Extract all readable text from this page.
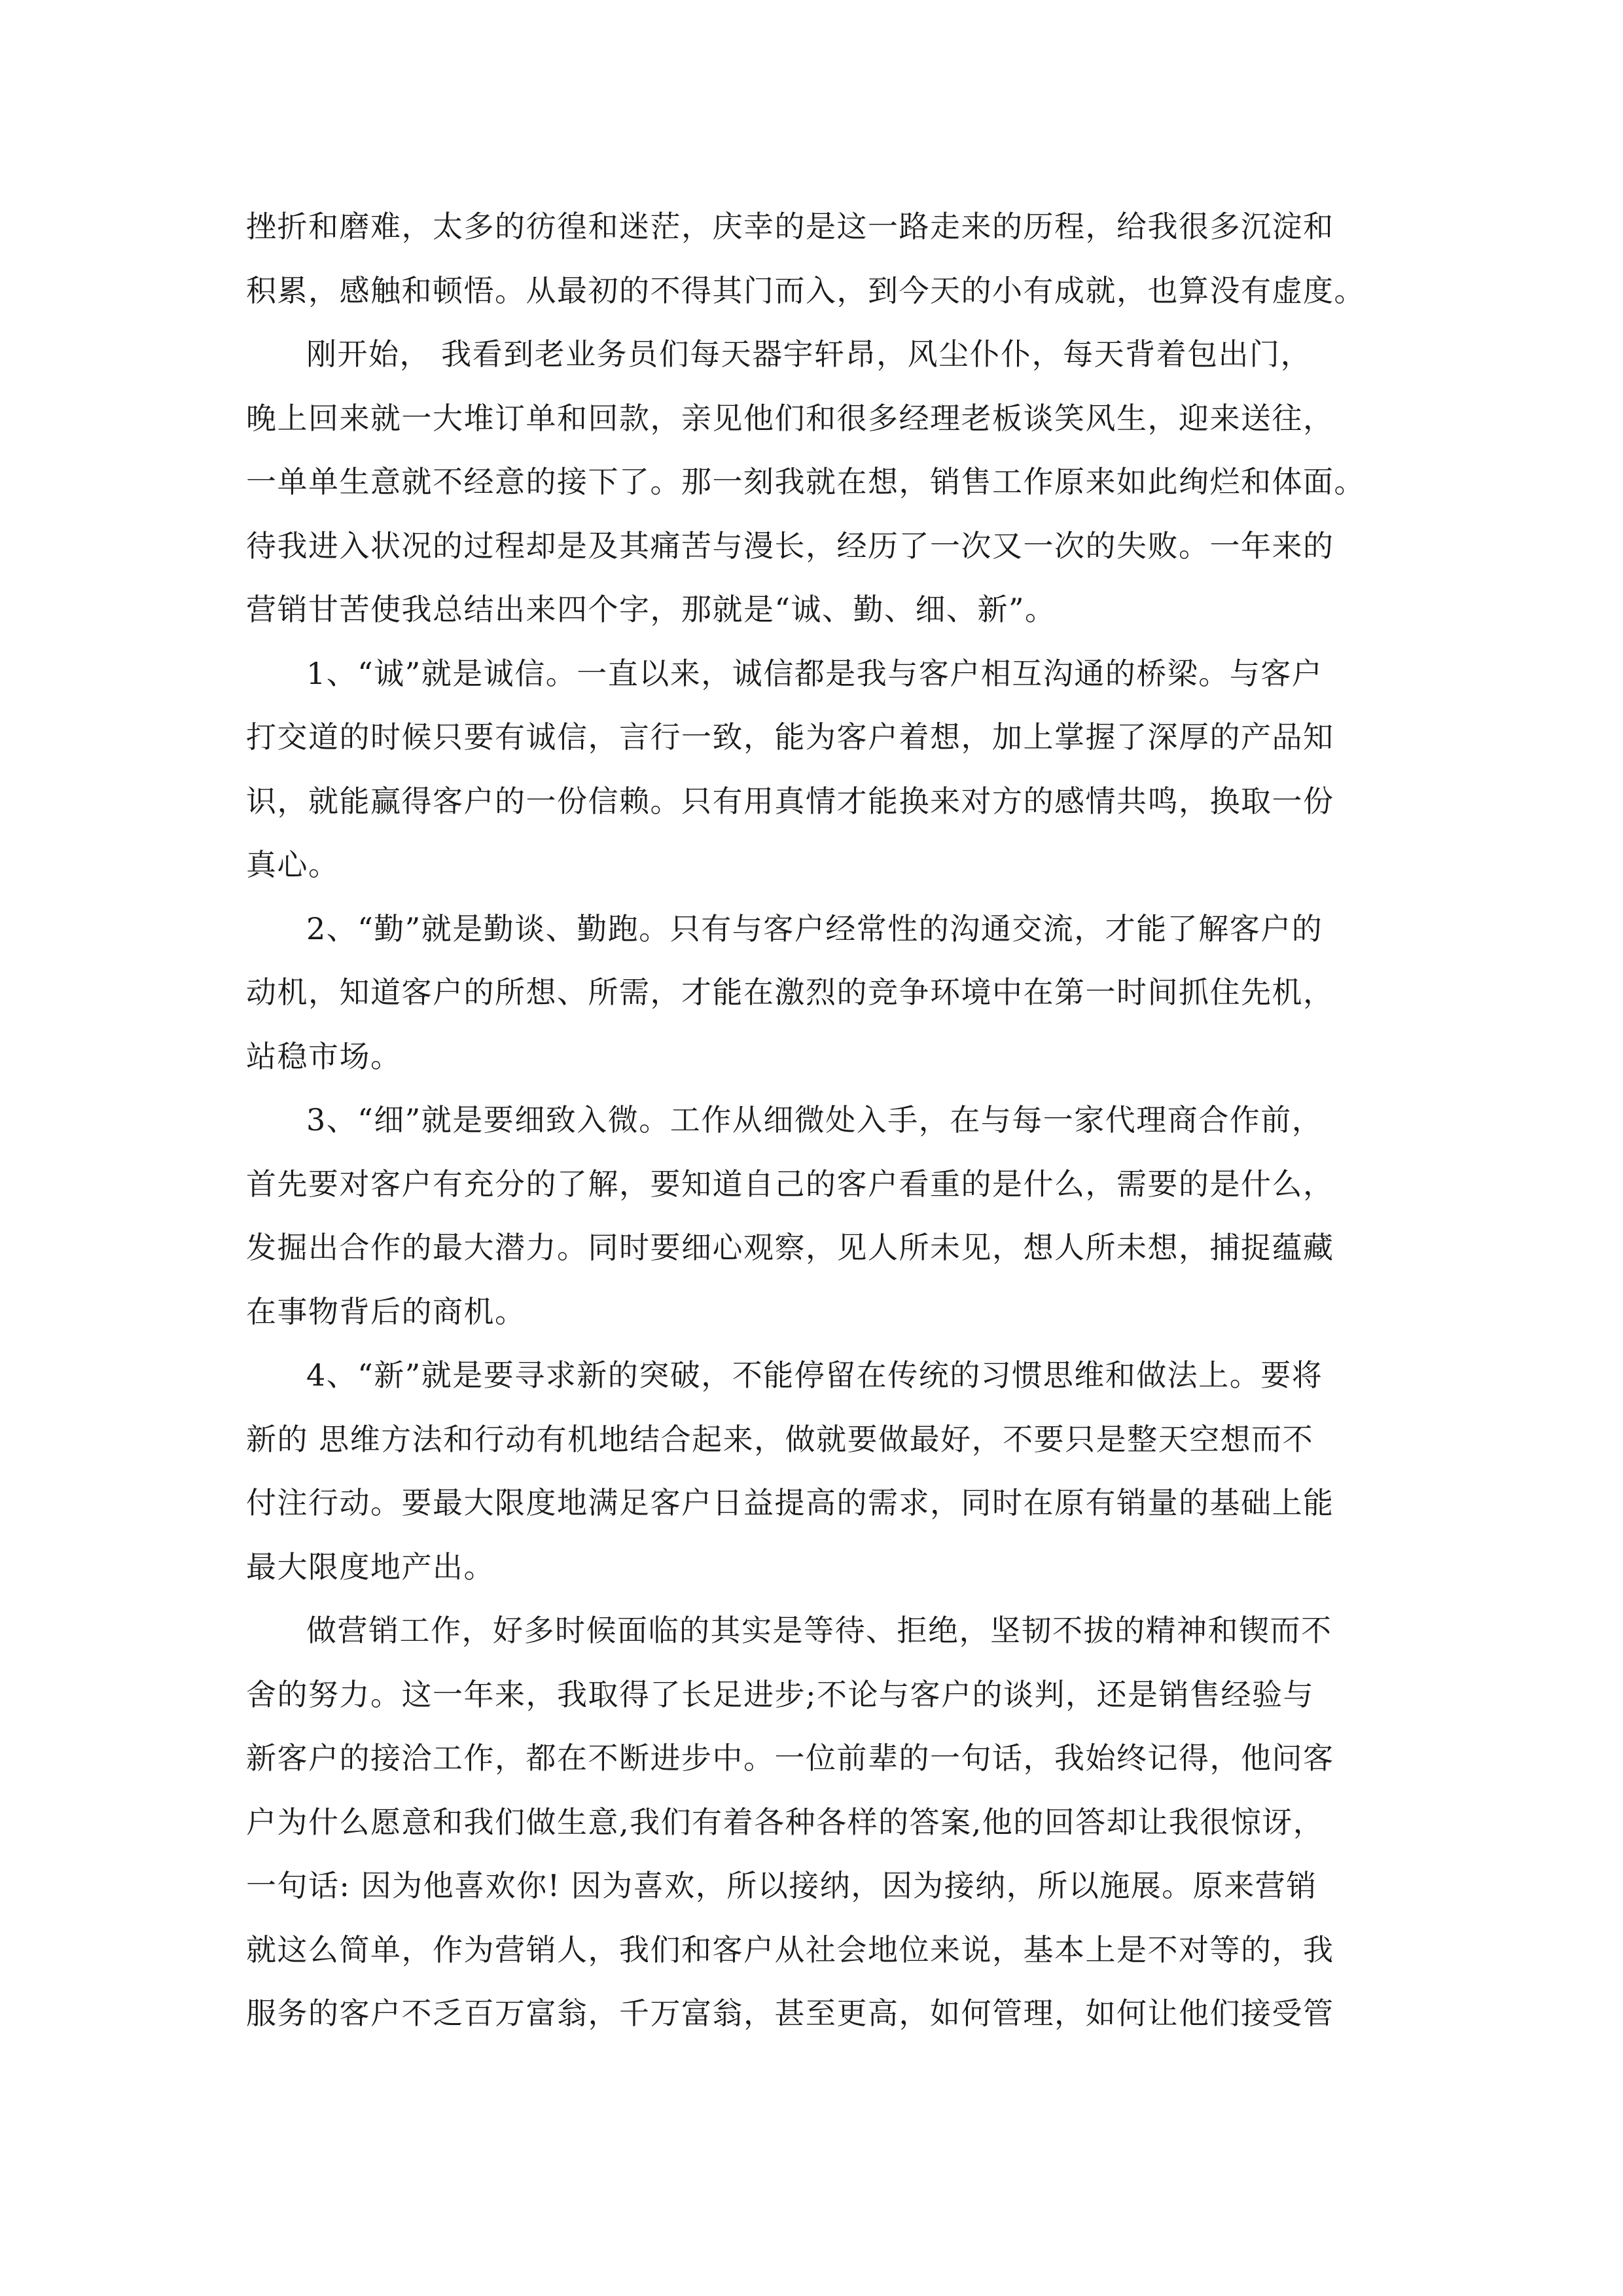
挫折和磨难，太多的彷徨和迷茫，庆幸的是这一路走来的历程，给我很多沉淀和
积累，感触和顿悟。从最初的不得其门而入，到今天的小有成就，也算没有虚度。
刚开始， 我看到老业务员们每天器宇轩昂，风尘仆仆，每天背着包出门，
晚上回来就一大堆订单和回款，亲见他们和很多经理老板谈笑风生，迎来送往，
一单单生意就不经意的接下了。那一刻我就在想，销售工作原来如此绚烂和体面。
待我进入状况的过程却是及其痛苦与漫长，经历了一次又一次的失败。一年来的
营销甘苦使我总结出来四个字，那就是“诚、勤、细、新”。
1、“诚”就是诚信。一直以来，诚信都是我与客户相互沟通的桥梁。与客户
打交道的时候只要有诚信，言行一致，能为客户着想，加上掌握了深厚的产品知
识，就能赢得客户的一份信赖。只有用真情才能换来对方的感情共鸣，换取一份
真心。
2、“勤”就是勤谈、勤跑。只有与客户经常性的沟通交流，才能了解客户的
动机，知道客户的所想、所需，才能在激烈的竞争环境中在第一时间抓住先机，
站稳市场。
3、“细”就是要细致入微。工作从细微处入手，在与每一家代理商合作前，
首先要对客户有充分的了解，要知道自己的客户看重的是什么，需要的是什么，
发掘出合作的最大潜力。同时要细心观察，见人所未见，想人所未想，捕捉蕴藏
在事物背后的商机。
4、“新”就是要寻求新的突破，不能停留在传统的习惯思维和做法上。要将
新的 思维方法和行动有机地结合起来，做就要做最好，不要只是整天空想而不
付注行动。要最大限度地满足客户日益提高的需求，同时在原有销量的基础上能
最大限度地产出。
做营销工作，好多时候面临的其实是等待、拒绝，坚韧不拔的精神和锲而不
舍的努力。这一年来，我取得了长足进步;不论与客户的谈判，还是销售经验与
新客户的接洽工作，都在不断进步中。一位前辈的一句话，我始终记得，他问客
户为什么愿意和我们做生意,我们有着各种各样的答案,他的回答却让我很惊讶，
一句话: 因为他喜欢你! 因为喜欢，所以接纳，因为接纳，所以施展。原来营销
就这么简单，作为营销人，我们和客户从社会地位来说，基本上是不对等的，我
服务的客户不乏百万富翁，千万富翁，甚至更高，如何管理，如何让他们接受管
